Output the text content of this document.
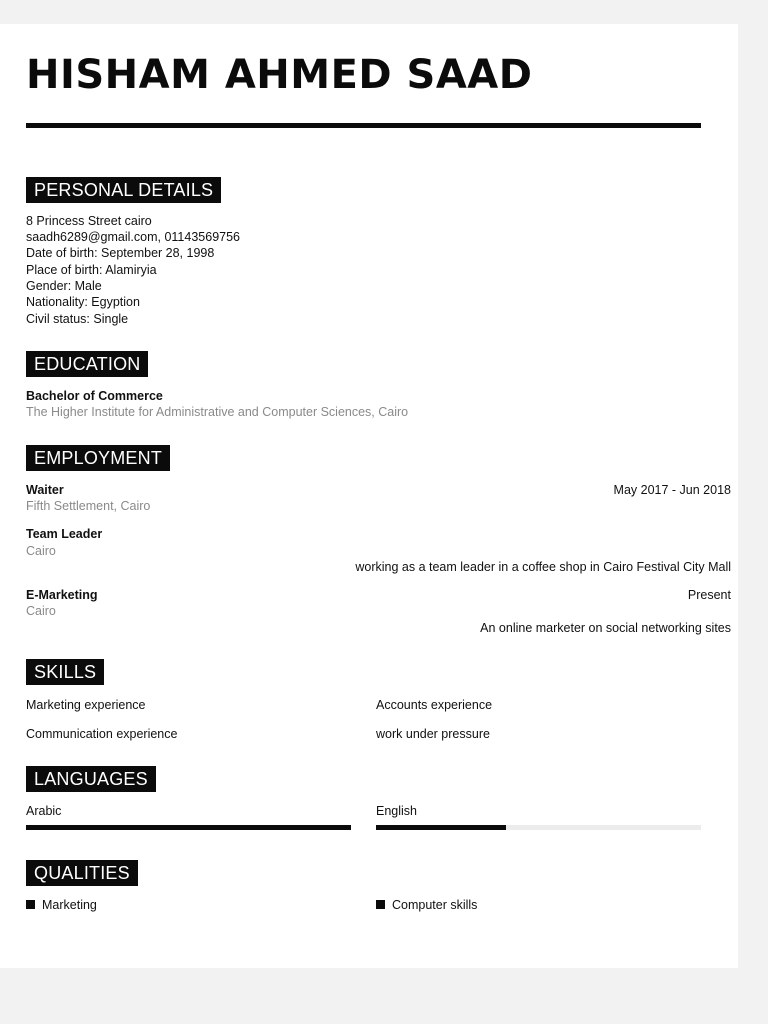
HISHAM AHMED SAAD
PERSONAL DETAILS
8 Princess Street cairo
saadh6289@gmail.com, 01143569756
Date of birth: September 28, 1998
Place of birth: Alamiryia
Gender: Male
Nationality: Egyption
Civil status: Single
EDUCATION
Bachelor of Commerce
The Higher Institute for Administrative and Computer Sciences, Cairo
EMPLOYMENT
Waiter	May 2017 - Jun 2018
Fifth Settlement, Cairo
Team Leader
Cairo
working as a team leader in a coffee shop in Cairo Festival City Mall
E-Marketing	Present
Cairo
An online marketer on social networking sites
SKILLS
Marketing experience	Accounts experience
Communication experience	work under pressure
LANGUAGES
Arabic	English
QUALITIES
Marketing	Computer skills
